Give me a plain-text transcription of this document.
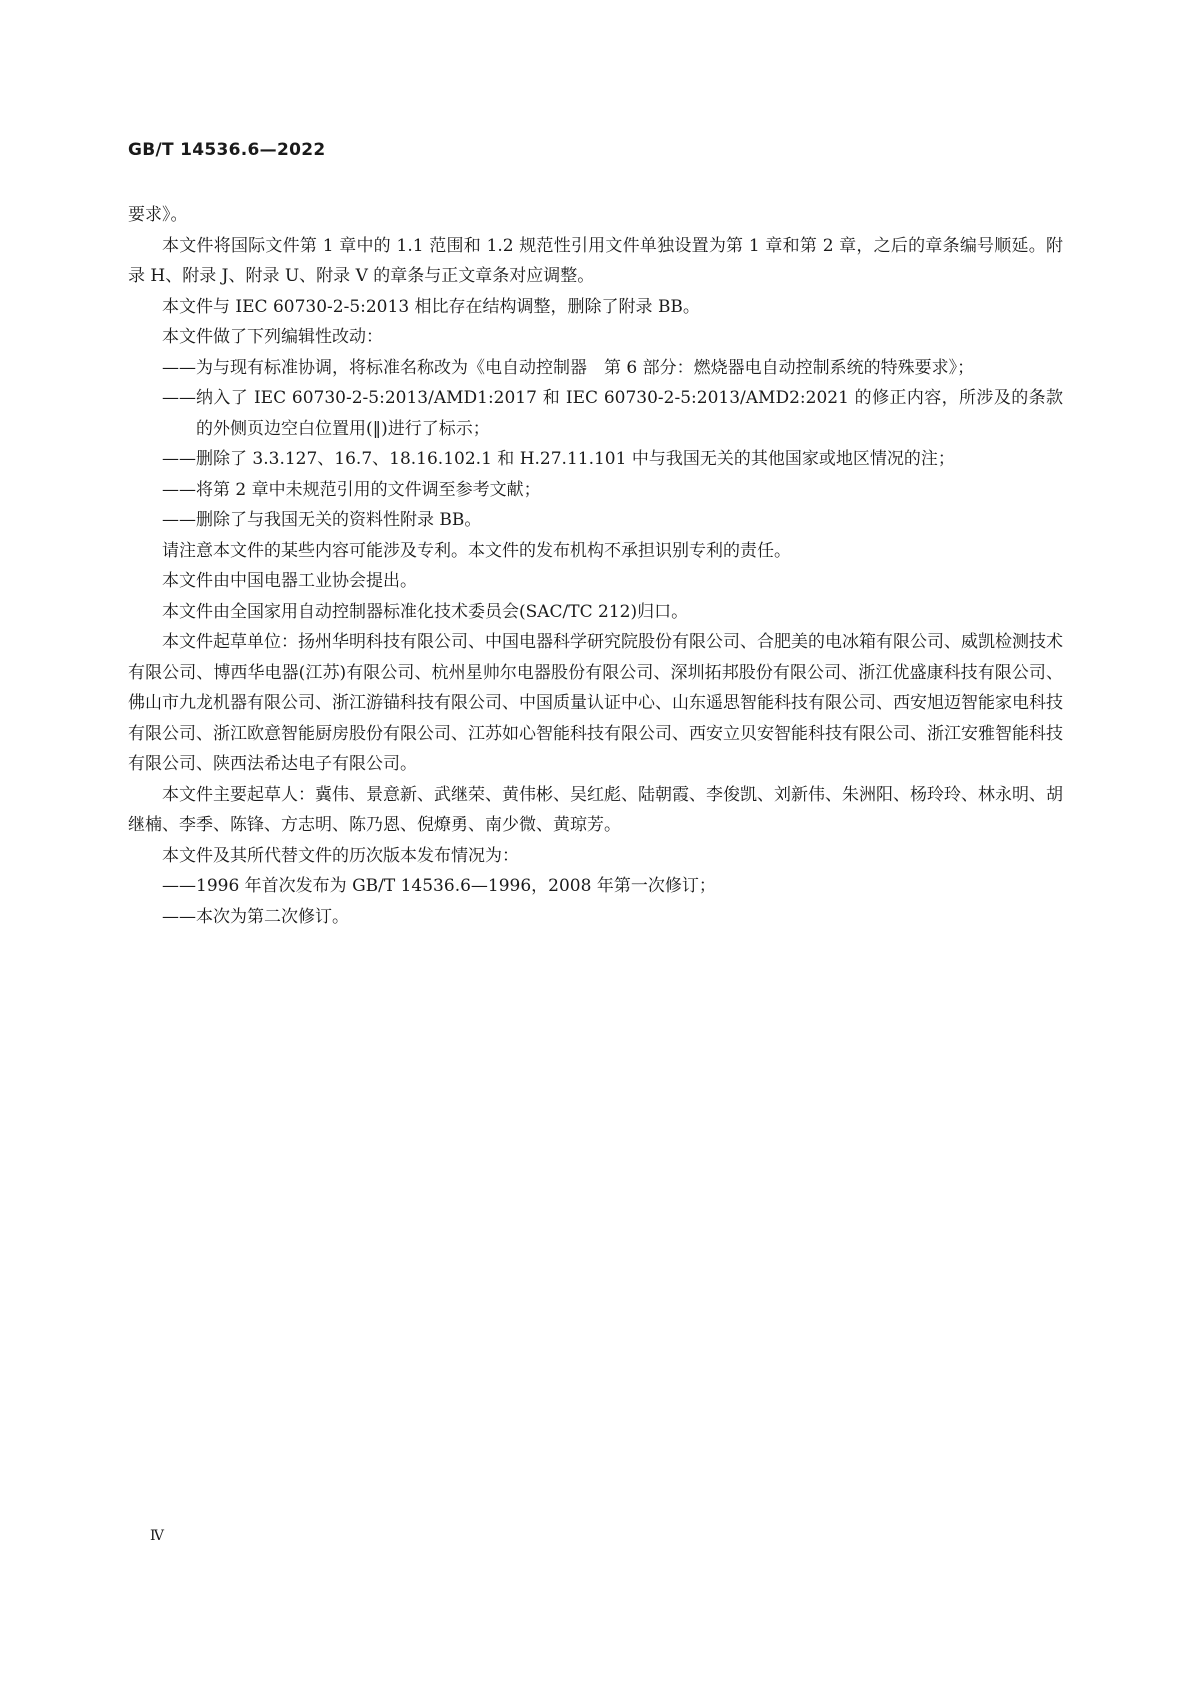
GB/T 14536.6—2022

要求》。

本文件将国际文件第 1 章中的 1.1 范围和 1.2 规范性引用文件单独设置为第 1 章和第 2 章，之后的章条编号顺延。附录 H、附录 J、附录 U、附录 V 的章条与正文章条对应调整。

本文件与 IEC 60730-2-5:2013 相比存在结构调整，删除了附录 BB。

本文件做了下列编辑性改动：

—— 为与现有标准协调，将标准名称改为《电自动控制器　第 6 部分：燃烧器电自动控制系统的特殊要求》；

—— 纳入了 IEC 60730-2-5:2013/AMD1:2017 和 IEC 60730-2-5:2013/AMD2:2021 的修正内容，所涉及的条款的外侧页边空白位置用(‖)进行了标示；

—— 删除了 3.3.127、16.7、18.16.102.1 和 H.27.11.101 中与我国无关的其他国家或地区情况的注；

—— 将第 2 章中未规范引用的文件调至参考文献；

—— 删除了与我国无关的资料性附录 BB。

请注意本文件的某些内容可能涉及专利。本文件的发布机构不承担识别专利的责任。

本文件由中国电器工业协会提出。

本文件由全国家用自动控制器标准化技术委员会(SAC/TC 212)归口。

本文件起草单位：扬州华明科技有限公司、中国电器科学研究院股份有限公司、合肥美的电冰箱有限公司、威凯检测技术有限公司、博西华电器(江苏)有限公司、杭州星帅尔电器股份有限公司、深圳拓邦股份有限公司、浙江优盛康科技有限公司、佛山市九龙机器有限公司、浙江游锚科技有限公司、中国质量认证中心、山东遥思智能科技有限公司、西安旭迈智能家电科技有限公司、浙江欧意智能厨房股份有限公司、江苏如心智能科技有限公司、西安立贝安智能科技有限公司、浙江安雅智能科技有限公司、陕西法希达电子有限公司。

本文件主要起草人：冀伟、景意新、武继荣、黄伟彬、吴红彪、陆朝霞、李俊凯、刘新伟、朱洲阳、杨玲玲、林永明、胡继楠、李季、陈锋、方志明、陈乃恩、倪燎勇、南少微、黄琼芳。

本文件及其所代替文件的历次版本发布情况为：

—— 1996 年首次发布为 GB/T 14536.6—1996，2008 年第一次修订；

—— 本次为第二次修订。

Ⅳ
